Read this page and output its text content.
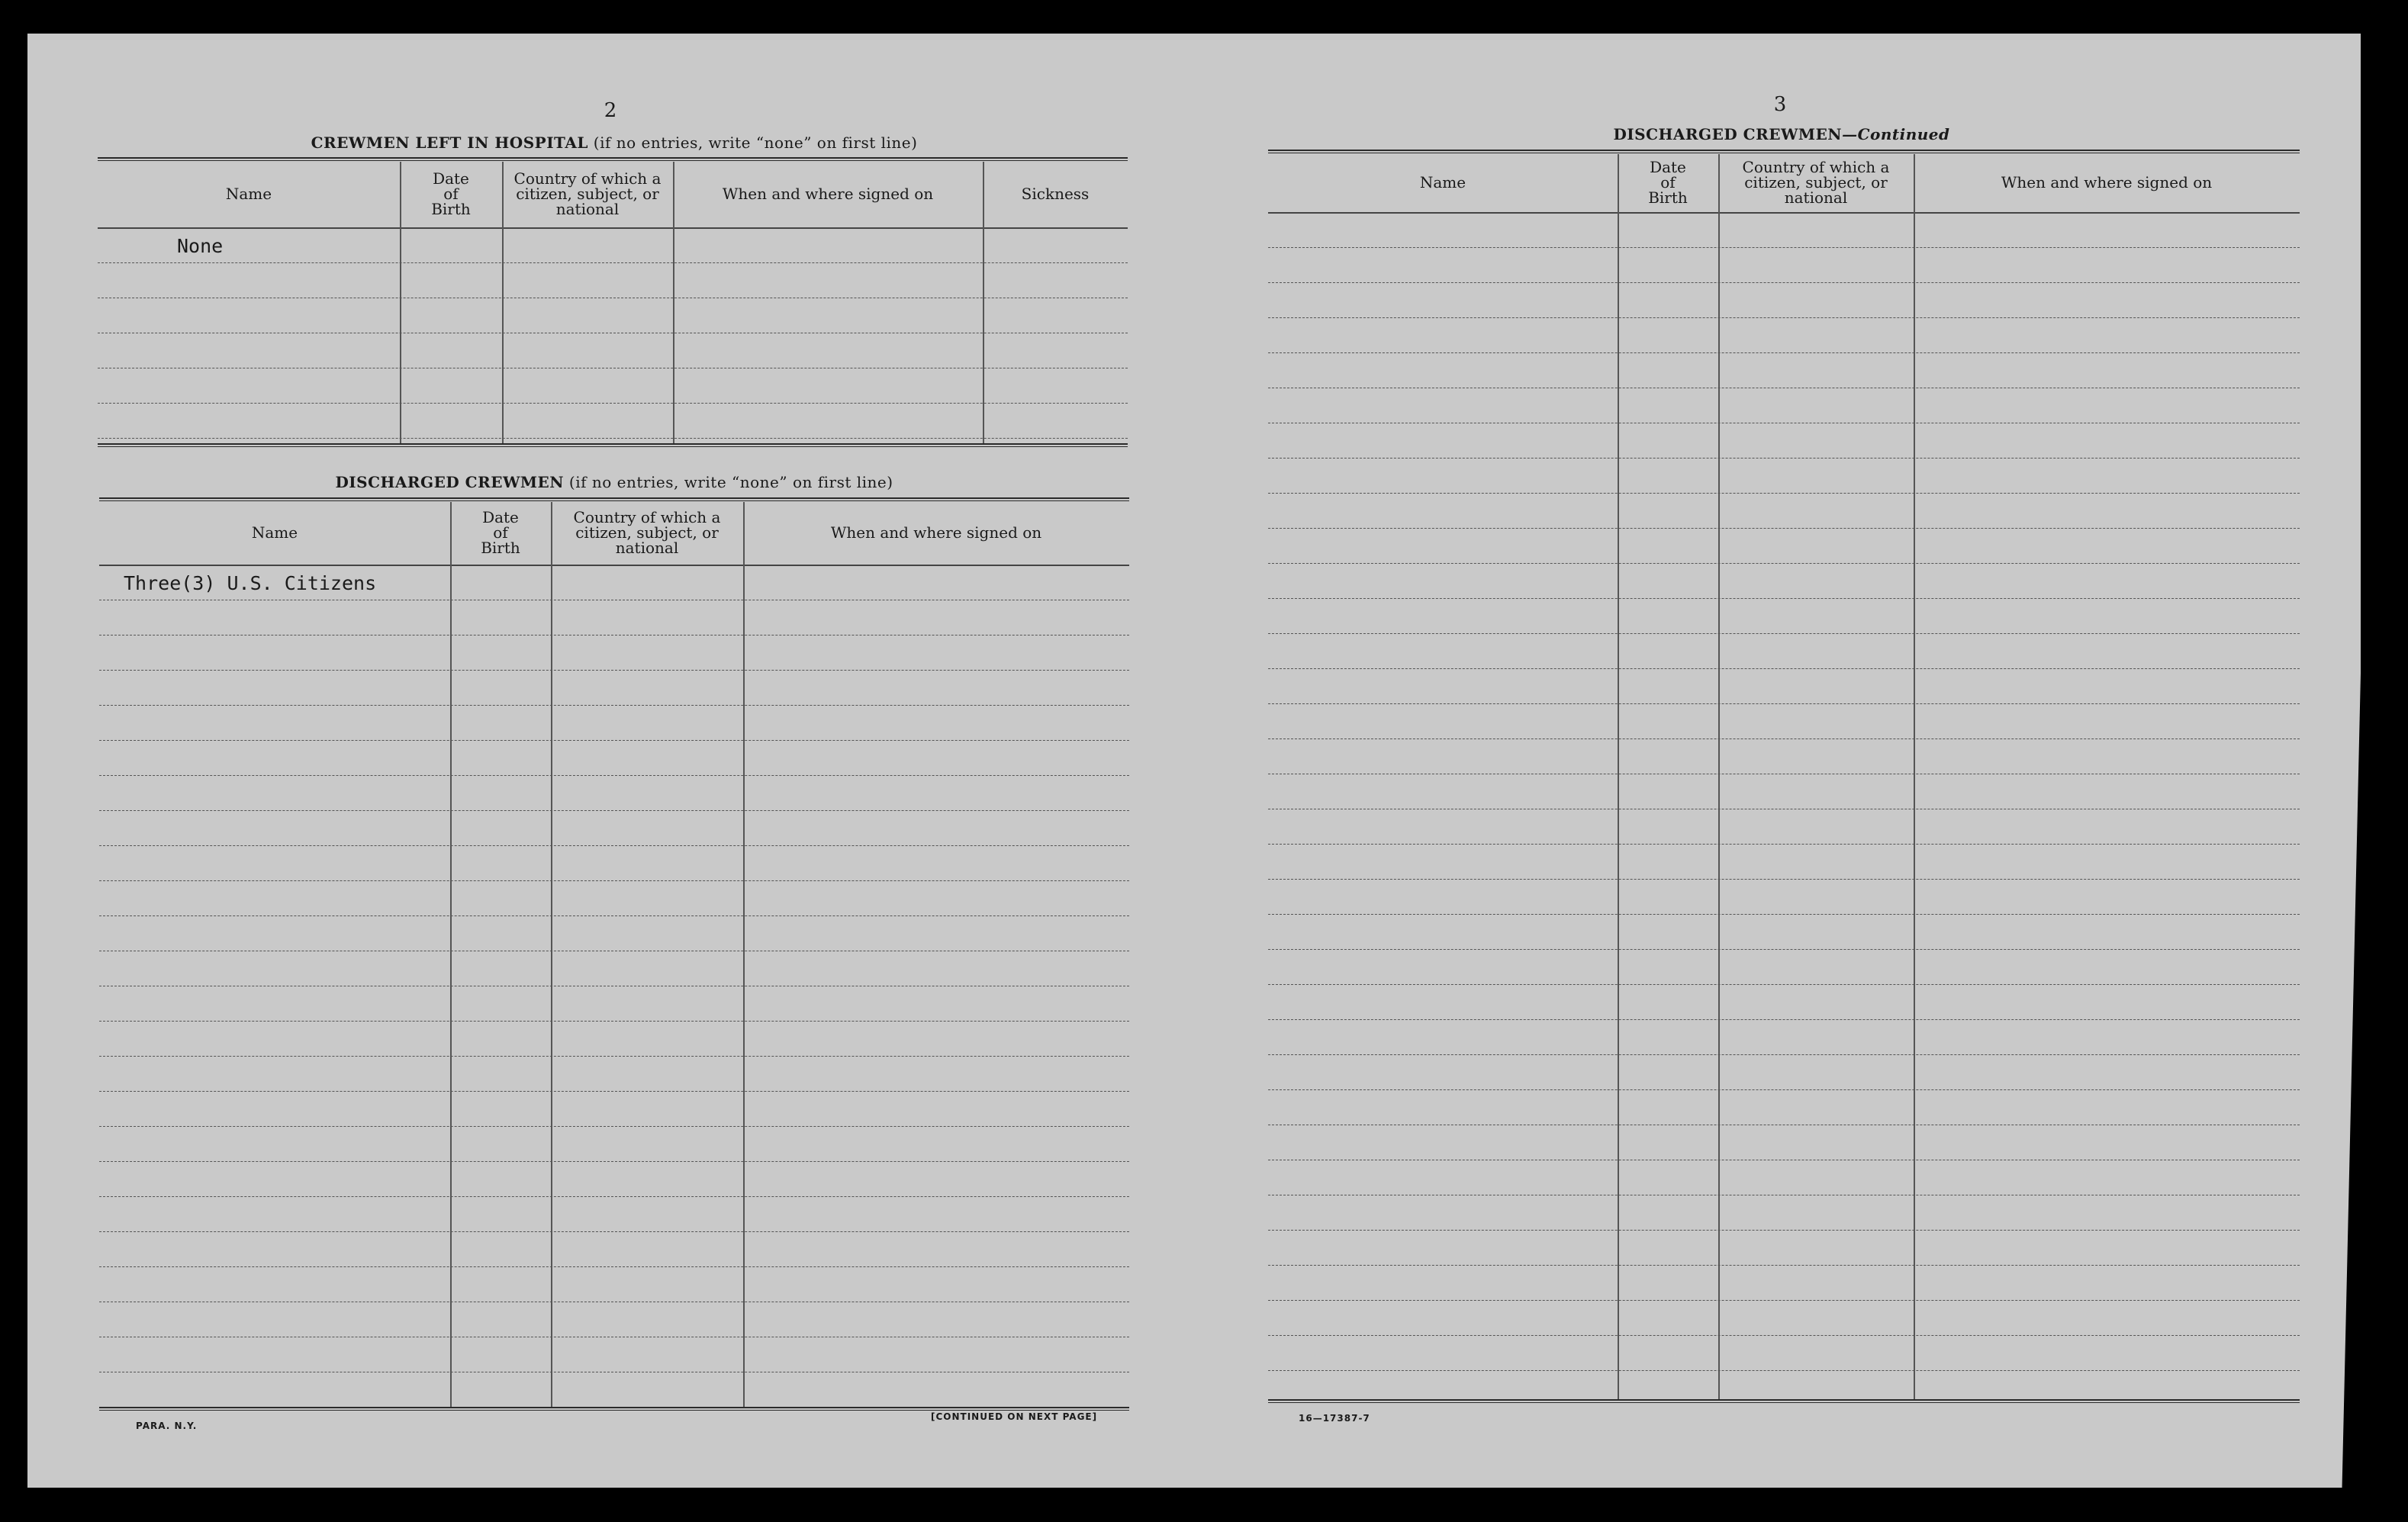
2
CREWMEN LEFT IN HOSPITAL (if no entries, write “none” on first line)
Name
Date
of
Birth
Country of which a
citizen, subject, or
national
When and where signed on	Sickness
None
DISCHARGED CREWMEN (if no entries, write “none” on first line)
Name
Date
of
Birth
Country of which a
citizen, subject, or
national
When and where signed on
Three(3) U.S. Citizens
PARA. N.Y.
[CONTINUED ON NEXT PAGE]
3
DISCHARGED CREWMEN—Continued
Name
Date
of
Birth
Country of which a
citizen, subject, or
national
When and where signed on
16—17387-7
